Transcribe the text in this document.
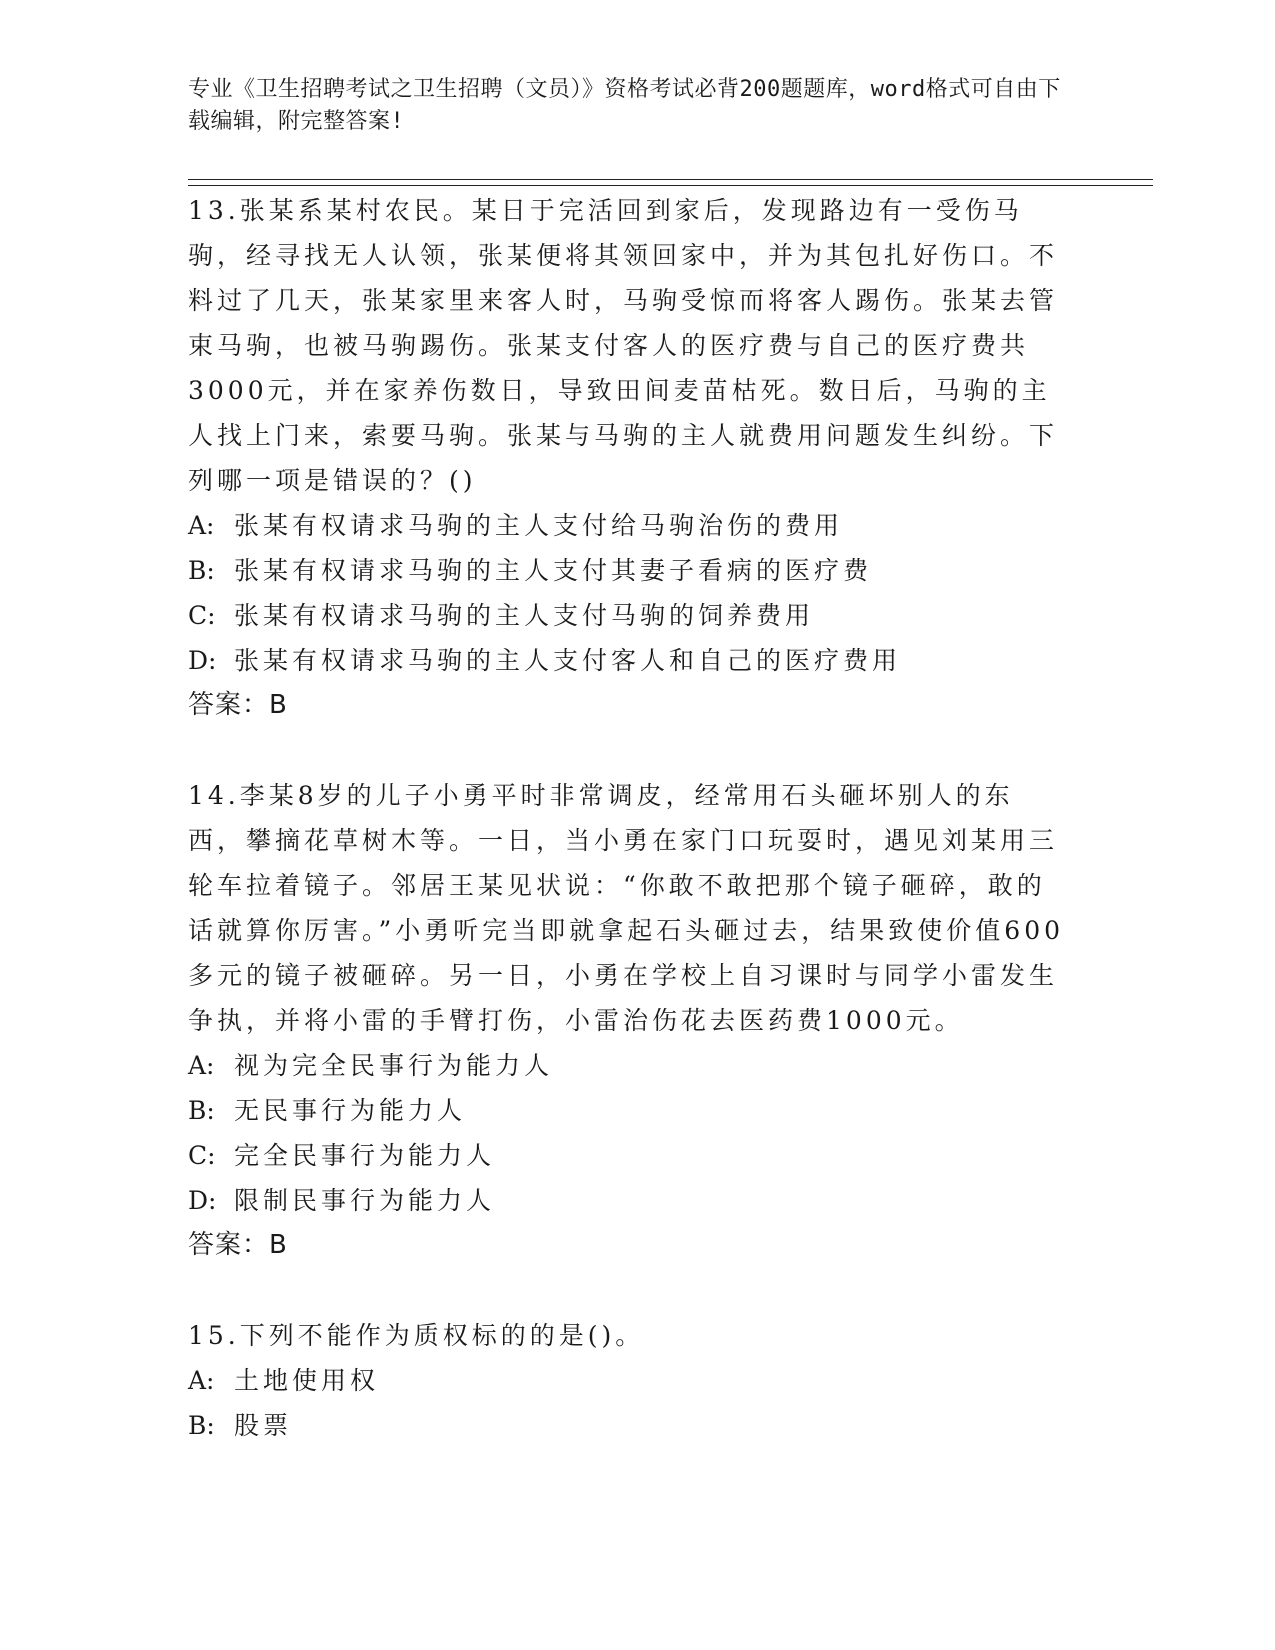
专业《卫生招聘考试之卫生招聘（文员）》资格考试必背200题题库，word格式可自由下载编辑，附完整答案!

13.张某系某村农民。某日于完活回到家后，发现路边有一受伤马驹，经寻找无人认领，张某便将其领回家中，并为其包扎好伤口。不料过了几天，张某家里来客人时，马驹受惊而将客人踢伤。张某去管束马驹，也被马驹踢伤。张某支付客人的医疗费与自己的医疗费共3000元，并在家养伤数日，导致田间麦苗枯死。数日后，马驹的主人找上门来，索要马驹。张某与马驹的主人就费用问题发生纠纷。下列哪一项是错误的？()

A: 张某有权请求马驹的主人支付给马驹治伤的费用

B: 张某有权请求马驹的主人支付其妻子看病的医疗费

C: 张某有权请求马驹的主人支付马驹的饲养费用

D: 张某有权请求马驹的主人支付客人和自己的医疗费用

答案：B

14.李某8岁的儿子小勇平时非常调皮，经常用石头砸坏别人的东西，攀摘花草树木等。一日，当小勇在家门口玩耍时，遇见刘某用三轮车拉着镜子。邻居王某见状说：“你敢不敢把那个镜子砸碎，敢的话就算你厉害。”小勇听完当即就拿起石头砸过去，结果致使价值600多元的镜子被砸碎。另一日，小勇在学校上自习课时与同学小雷发生争执，并将小雷的手臂打伤，小雷治伤花去医药费1000元。

A: 视为完全民事行为能力人

B: 无民事行为能力人

C: 完全民事行为能力人

D: 限制民事行为能力人

答案：B

15.下列不能作为质权标的的是()。

A: 土地使用权

B: 股票
